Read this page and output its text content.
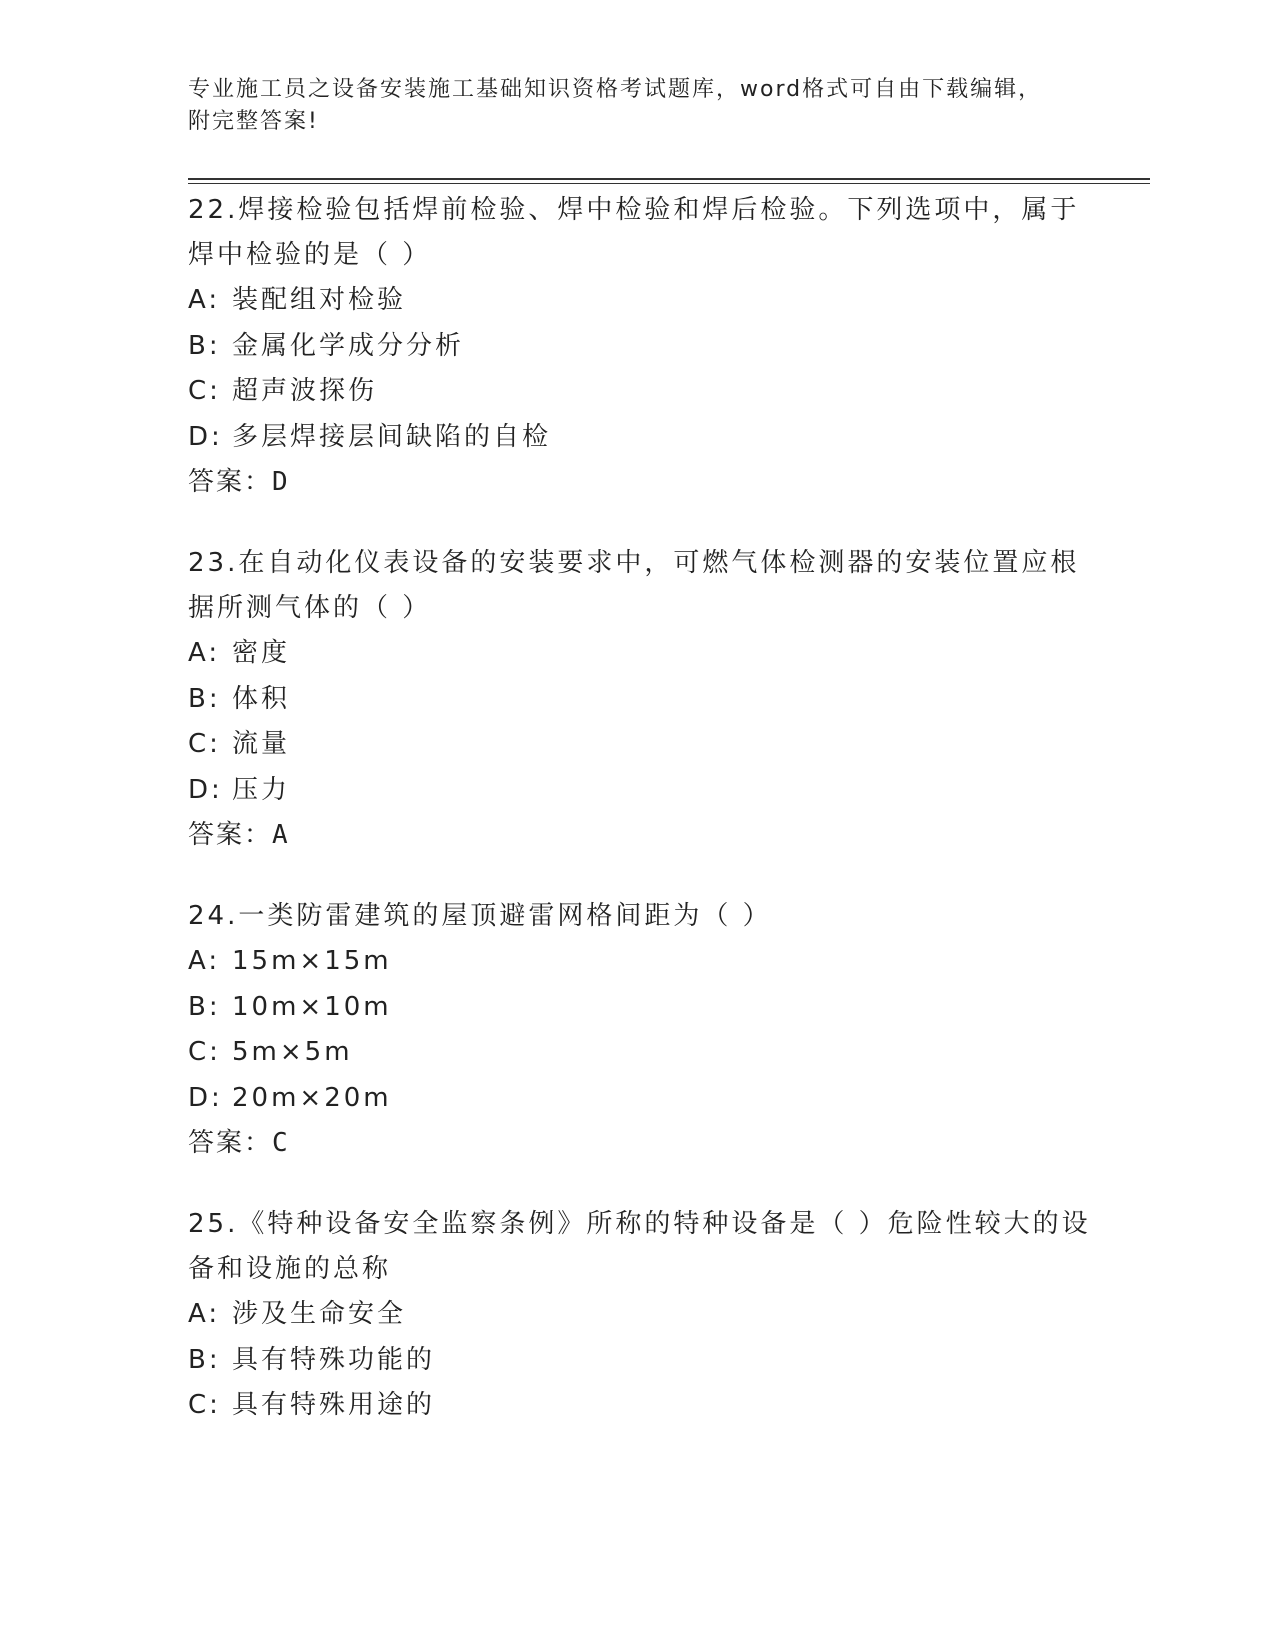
专业施工员之设备安装施工基础知识资格考试题库，word格式可自由下载编辑，
附完整答案!

22.焊接检验包括焊前检验、焊中检验和焊后检验。下列选项中，属于焊中检验的是（ ）

A: 装配组对检验

B: 金属化学成分分析

C: 超声波探伤

D: 多层焊接层间缺陷的自检

答案：D

23.在自动化仪表设备的安装要求中，可燃气体检测器的安装位置应根据所测气体的（ ）

A: 密度

B: 体积

C: 流量

D: 压力

答案：A

24.一类防雷建筑的屋顶避雷网格间距为（ ）

A: 15m×15m

B: 10m×10m

C: 5m×5m

D: 20m×20m

答案：C

25.《特种设备安全监察条例》所称的特种设备是（ ）危险性较大的设备和设施的总称

A: 涉及生命安全

B: 具有特殊功能的

C: 具有特殊用途的
